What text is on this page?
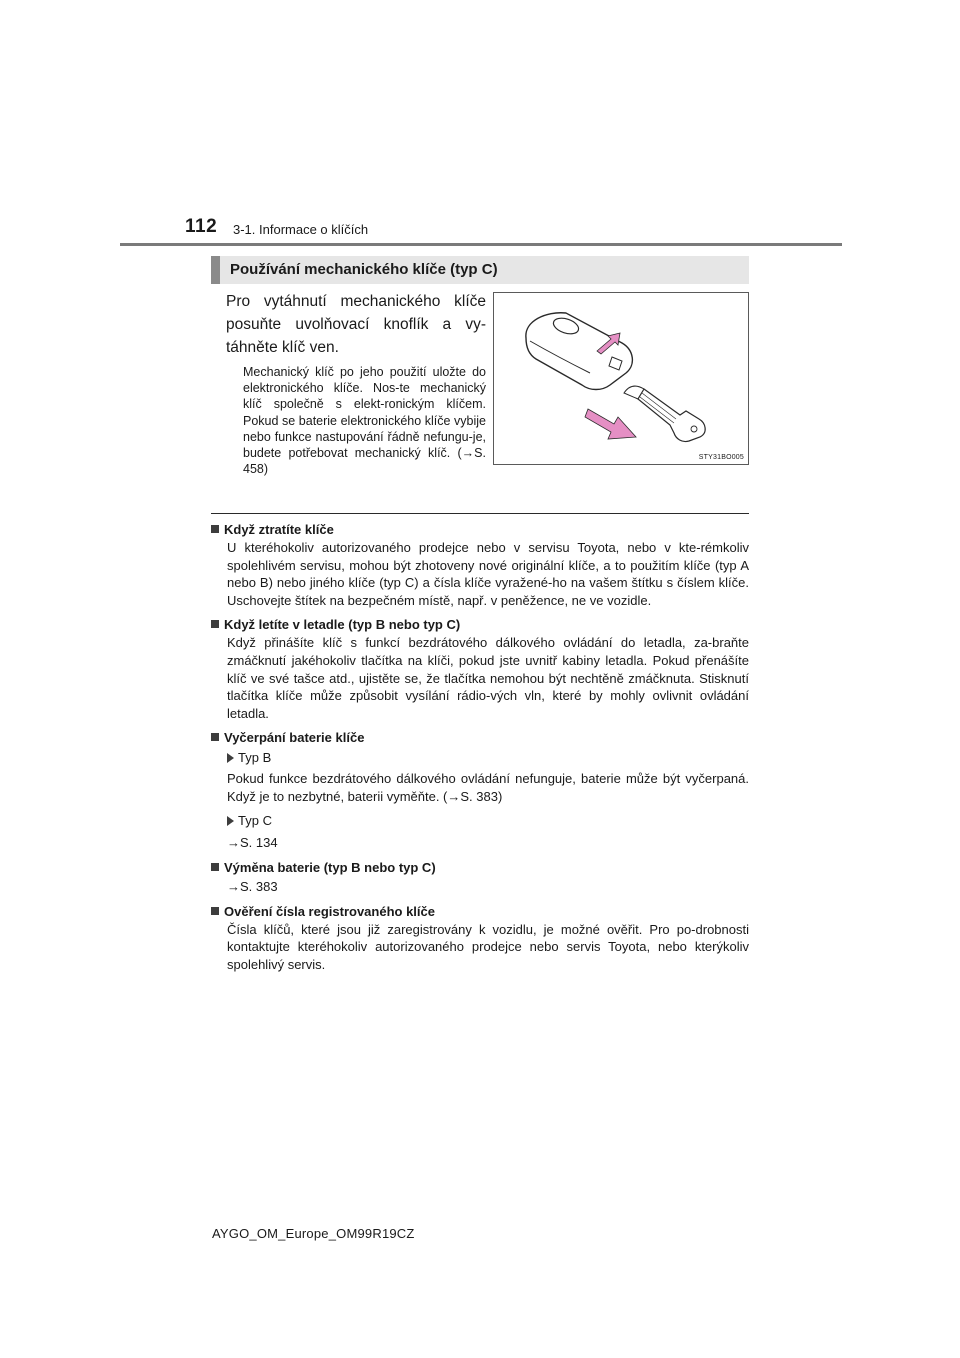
112 3-1. Informace o klíčích
Používání mechanického klíče (typ C)
Pro vytáhnutí mechanického klíče posuňte uvolňovací knoflík a vy-táhněte klíč ven.
Mechanický klíč po jeho použití uložte do elektronického klíče. Nos-te mechanický klíč společně s elekt-ronickým klíčem. Pokud se baterie elektronického klíče vybije nebo funkce nastupování řádně nefungu-je, budete potřebovat mechanický klíč. (→S. 458)
STY31BO005
Když ztratíte klíče
U kteréhokoliv autorizovaného prodejce nebo v servisu Toyota, nebo v kte-rémkoliv spolehlivém servisu, mohou být zhotoveny nové originální klíče, a to použitím klíče (typ A nebo B) nebo jiného klíče (typ C) a čísla klíče vyražené-ho na vašem štítku s číslem klíče. Uschovejte štítek na bezpečném místě, např. v peněžence, ne ve vozidle.
Když letíte v letadle (typ B nebo typ C)
Když přinášíte klíč s funkcí bezdrátového dálkového ovládání do letadla, za-braňte zmáčknutí jakéhokoliv tlačítka na klíči, pokud jste uvnitř kabiny letadla. Pokud přenášíte klíč ve své tašce atd., ujistěte se, že tlačítka nemohou být nechtěně zmáčknuta. Stisknutí tlačítka klíče může způsobit vysílání rádio-vých vln, které by mohly ovlivnit ovládání letadla.
Vyčerpání baterie klíče
Typ B
Pokud funkce bezdrátového dálkového ovládání nefunguje, baterie může být vyčerpaná. Když je to nezbytné, baterii vyměňte. (→S. 383)
Typ C
→S. 134
Výměna baterie (typ B nebo typ C)
→S. 383
Ověření čísla registrovaného klíče
Čísla klíčů, které jsou již zaregistrovány k vozidlu, je možné ověřit. Pro po-drobnosti kontaktujte kteréhokoliv autorizovaného prodejce nebo servis Toyota, nebo kterýkoliv spolehlivý servis.
AYGO_OM_Europe_OM99R19CZ
